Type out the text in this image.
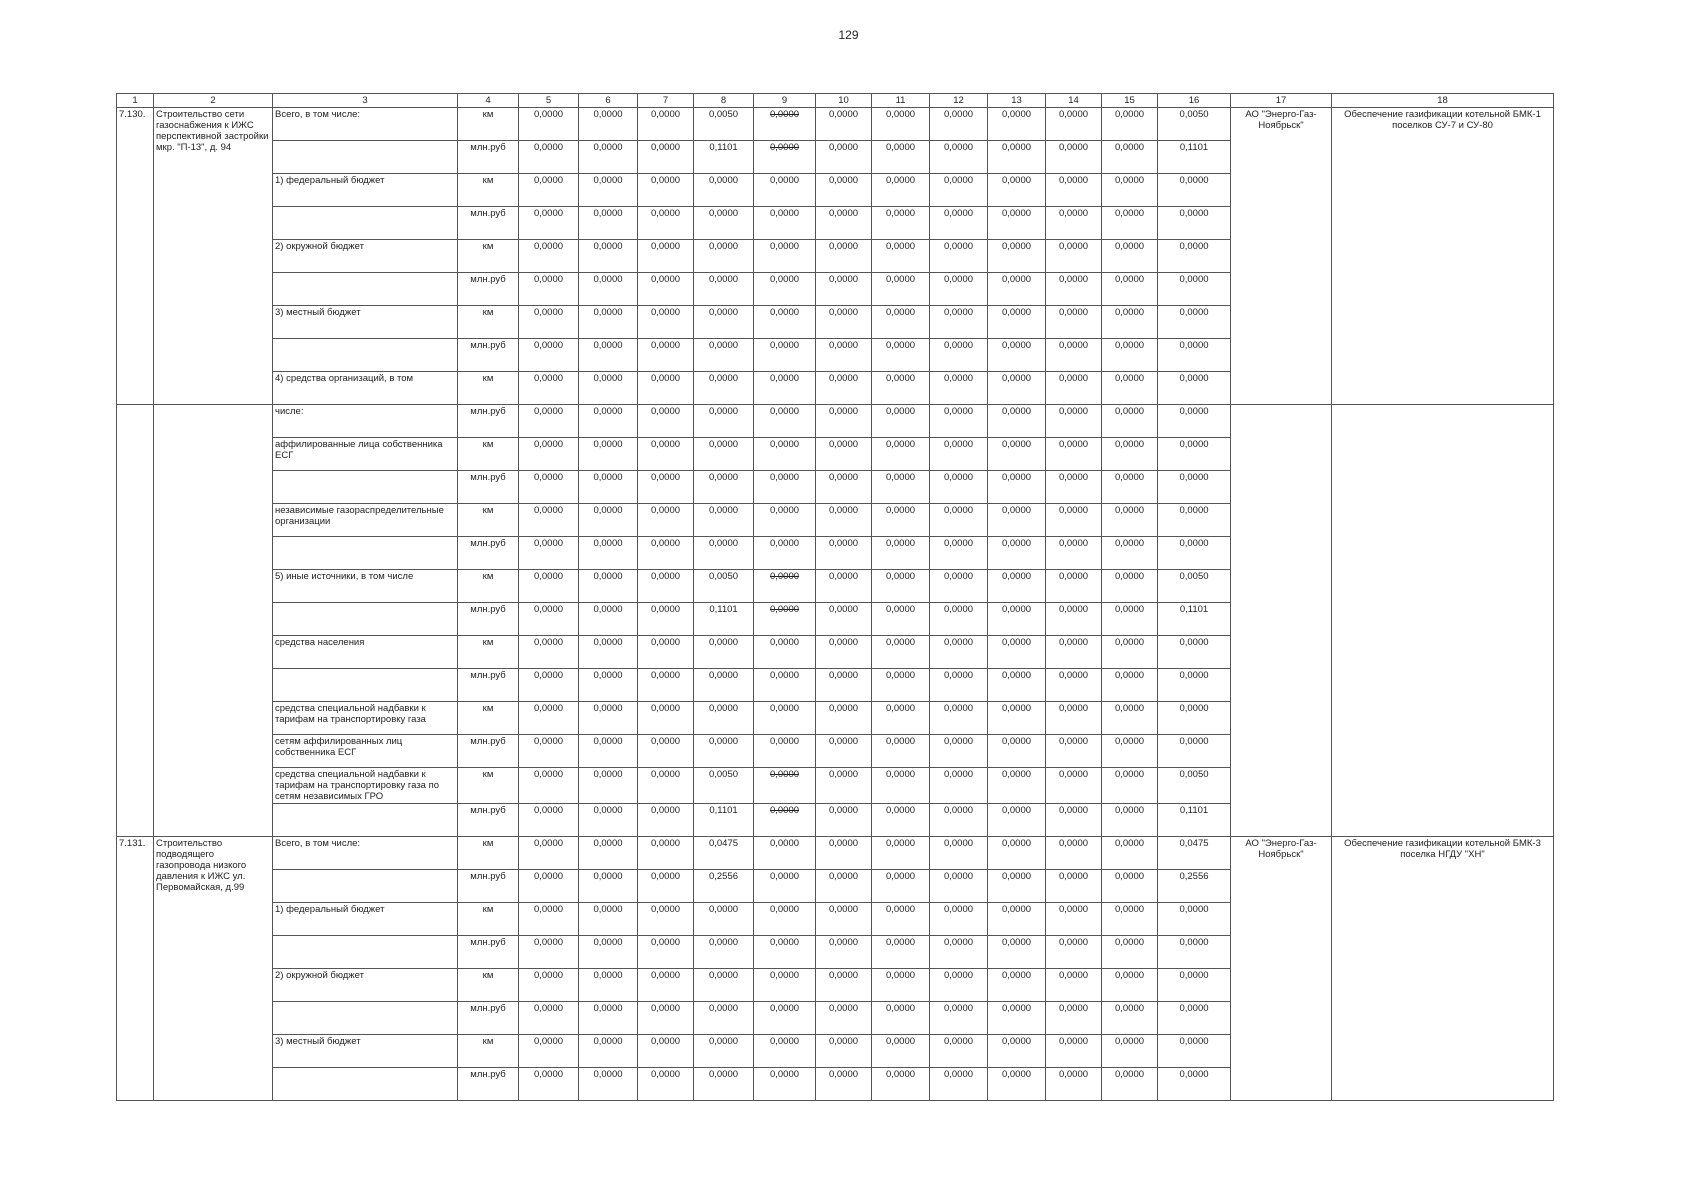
129
1	2	3	4	5	6	7	8	9	10	11	12	13	14	15	16	17	18
7.130.	Строительство сети газоснабжения к ИЖС перспективной застройки мкр. "П-13", д. 94	Всего, в том числе:	км	0,0000	0,0000	0,0000	0,0050	0,0000	0,0000	0,0000	0,0000	0,0000	0,0000	0,0000	0,0050	АО "Энерго-Газ-Ноябрьск"	Обеспечение газификации котельной БМК-1 поселков СУ-7 и СУ-80
			млн.руб	0,0000	0,0000	0,0000	0,1101	0,0000	0,0000	0,0000	0,0000	0,0000	0,0000	0,0000	0,1101		
		1) федеральный бюджет	км	0,0000	0,0000	0,0000	0,0000	0,0000	0,0000	0,0000	0,0000	0,0000	0,0000	0,0000	0,0000		
			млн.руб	0,0000	0,0000	0,0000	0,0000	0,0000	0,0000	0,0000	0,0000	0,0000	0,0000	0,0000	0,0000		
		2) окружной бюджет	км	0,0000	0,0000	0,0000	0,0000	0,0000	0,0000	0,0000	0,0000	0,0000	0,0000	0,0000	0,0000		
			млн.руб	0,0000	0,0000	0,0000	0,0000	0,0000	0,0000	0,0000	0,0000	0,0000	0,0000	0,0000	0,0000		
		3) местный бюджет	км	0,0000	0,0000	0,0000	0,0000	0,0000	0,0000	0,0000	0,0000	0,0000	0,0000	0,0000	0,0000		
			млн.руб	0,0000	0,0000	0,0000	0,0000	0,0000	0,0000	0,0000	0,0000	0,0000	0,0000	0,0000	0,0000		
		4) средства организаций, в том	км	0,0000	0,0000	0,0000	0,0000	0,0000	0,0000	0,0000	0,0000	0,0000	0,0000	0,0000	0,0000		
		числе:	млн.руб	0,0000	0,0000	0,0000	0,0000	0,0000	0,0000	0,0000	0,0000	0,0000	0,0000	0,0000	0,0000		
		аффилированные лица собственника ЕСГ	км	0,0000	0,0000	0,0000	0,0000	0,0000	0,0000	0,0000	0,0000	0,0000	0,0000	0,0000	0,0000		
			млн.руб	0,0000	0,0000	0,0000	0,0000	0,0000	0,0000	0,0000	0,0000	0,0000	0,0000	0,0000	0,0000		
		независимые газораспределительные организации	км	0,0000	0,0000	0,0000	0,0000	0,0000	0,0000	0,0000	0,0000	0,0000	0,0000	0,0000	0,0000		
			млн.руб	0,0000	0,0000	0,0000	0,0000	0,0000	0,0000	0,0000	0,0000	0,0000	0,0000	0,0000	0,0000		
		5) иные источники, в том числе	км	0,0000	0,0000	0,0000	0,0050	0,0000	0,0000	0,0000	0,0000	0,0000	0,0000	0,0000	0,0050		
			млн.руб	0,0000	0,0000	0,0000	0,1101	0,0000	0,0000	0,0000	0,0000	0,0000	0,0000	0,0000	0,1101		
		средства населения	км	0,0000	0,0000	0,0000	0,0000	0,0000	0,0000	0,0000	0,0000	0,0000	0,0000	0,0000	0,0000		
			млн.руб	0,0000	0,0000	0,0000	0,0000	0,0000	0,0000	0,0000	0,0000	0,0000	0,0000	0,0000	0,0000		
		средства специальной надбавки к тарифам на транспортировку газа	км	0,0000	0,0000	0,0000	0,0000	0,0000	0,0000	0,0000	0,0000	0,0000	0,0000	0,0000	0,0000		
		сетям аффилированных лиц собственника ЕСГ	млн.руб	0,0000	0,0000	0,0000	0,0000	0,0000	0,0000	0,0000	0,0000	0,0000	0,0000	0,0000	0,0000		
		средства специальной надбавки к тарифам на транспортировку газа по сетям независимых ГРО	км	0,0000	0,0000	0,0000	0,0050	0,0000	0,0000	0,0000	0,0000	0,0000	0,0000	0,0000	0,0050		
			млн.руб	0,0000	0,0000	0,0000	0,1101	0,0000	0,0000	0,0000	0,0000	0,0000	0,0000	0,0000	0,1101		
7.131.	Строительство подводящего газопровода низкого давления к ИЖС ул. Первомайская, д.99	Всего, в том числе:	км	0,0000	0,0000	0,0000	0,0475	0,0000	0,0000	0,0000	0,0000	0,0000	0,0000	0,0000	0,0475	АО "Энерго-Газ-Ноябрьск"	Обеспечение газификации котельной БМК-3 поселка НГДУ "ХН"
			млн.руб	0,0000	0,0000	0,0000	0,2556	0,0000	0,0000	0,0000	0,0000	0,0000	0,0000	0,0000	0,2556		
		1) федеральный бюджет	км	0,0000	0,0000	0,0000	0,0000	0,0000	0,0000	0,0000	0,0000	0,0000	0,0000	0,0000	0,0000		
			млн.руб	0,0000	0,0000	0,0000	0,0000	0,0000	0,0000	0,0000	0,0000	0,0000	0,0000	0,0000	0,0000		
		2) окружной бюджет	км	0,0000	0,0000	0,0000	0,0000	0,0000	0,0000	0,0000	0,0000	0,0000	0,0000	0,0000	0,0000		
			млн.руб	0,0000	0,0000	0,0000	0,0000	0,0000	0,0000	0,0000	0,0000	0,0000	0,0000	0,0000	0,0000		
		3) местный бюджет	км	0,0000	0,0000	0,0000	0,0000	0,0000	0,0000	0,0000	0,0000	0,0000	0,0000	0,0000	0,0000		
			млн.руб	0,0000	0,0000	0,0000	0,0000	0,0000	0,0000	0,0000	0,0000	0,0000	0,0000	0,0000	0,0000		
